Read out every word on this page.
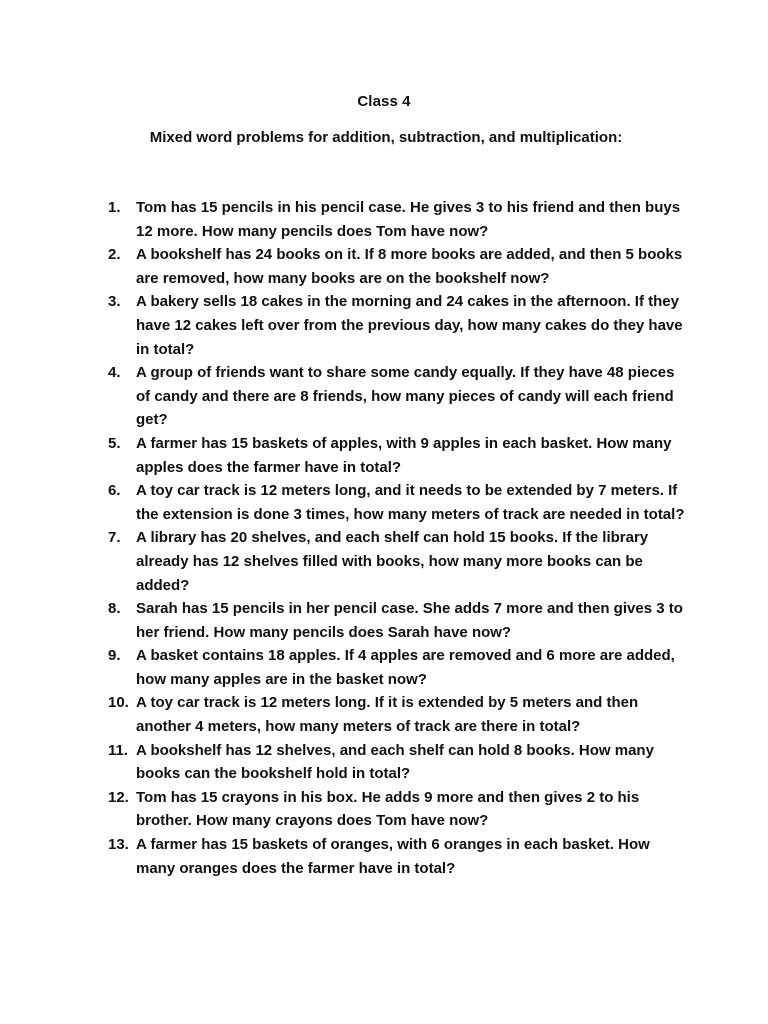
Class 4
Mixed word problems for addition, subtraction, and multiplication:
1.	Tom has 15 pencils in his pencil case. He gives 3 to his friend and then buys 12 more. How many pencils does Tom have now?
2.	A bookshelf has 24 books on it. If 8 more books are added, and then 5 books are removed, how many books are on the bookshelf now?
3.	A bakery sells 18 cakes in the morning and 24 cakes in the afternoon. If they have 12 cakes left over from the previous day, how many cakes do they have in total?
4.	A group of friends want to share some candy equally. If they have 48 pieces of candy and there are 8 friends, how many pieces of candy will each friend get?
5.	A farmer has 15 baskets of apples, with 9 apples in each basket. How many apples does the farmer have in total?
6.	A toy car track is 12 meters long, and it needs to be extended by 7 meters. If the extension is done 3 times, how many meters of track are needed in total?
7.	A library has 20 shelves, and each shelf can hold 15 books. If the library already has 12 shelves filled with books, how many more books can be added?
8.	Sarah has 15 pencils in her pencil case. She adds 7 more and then gives 3 to her friend. How many pencils does Sarah have now?
9.	A basket contains 18 apples. If 4 apples are removed and 6 more are added, how many apples are in the basket now?
10. A toy car track is 12 meters long. If it is extended by 5 meters and then another 4 meters, how many meters of track are there in total?
11. A bookshelf has 12 shelves, and each shelf can hold 8 books. How many books can the bookshelf hold in total?
12. Tom has 15 crayons in his box. He adds 9 more and then gives 2 to his brother. How many crayons does Tom have now?
13. A farmer has 15 baskets of oranges, with 6 oranges in each basket. How many oranges does the farmer have in total?
